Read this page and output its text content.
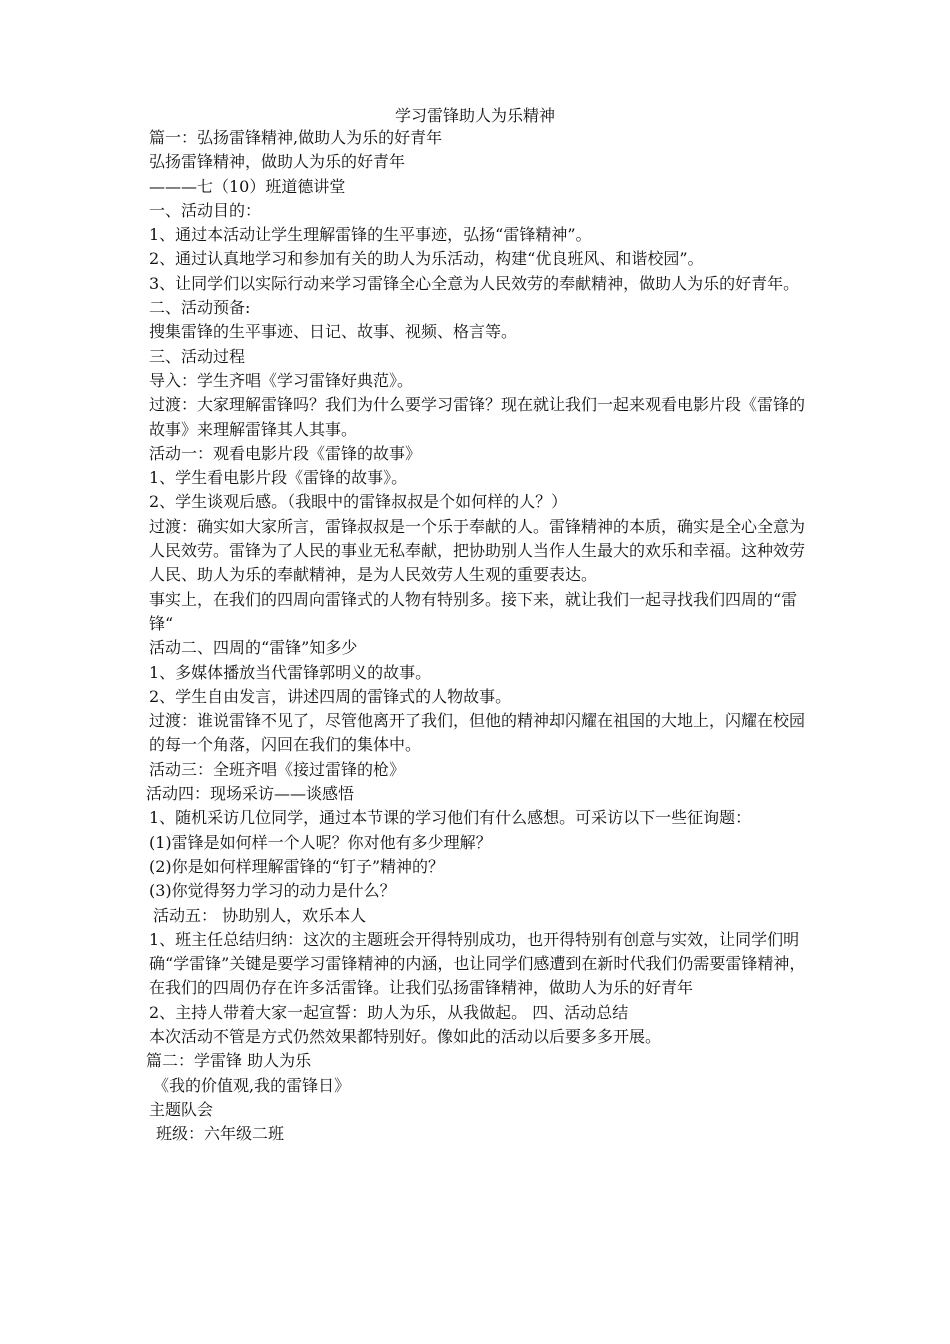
学习雷锋助人为乐精神

篇一：弘扬雷锋精神,做助人为乐的好青年

弘扬雷锋精神，做助人为乐的好青年

———七（10）班道德讲堂

一、活动目的：

1、通过本活动让学生理解雷锋的生平事迹，弘扬“雷锋精神”。

2、通过认真地学习和参加有关的助人为乐活动，构建“优良班风、和谐校园”。

3、让同学们以实际行动来学习雷锋全心全意为人民效劳的奉献精神，做助人为乐的好青年。

二、活动预备:

搜集雷锋的生平事迹、日记、故事、视频、格言等。

三、活动过程

导入：学生齐唱《学习雷锋好典范》。

过渡：大家理解雷锋吗？我们为什么要学习雷锋？现在就让我们一起来观看电影片段《雷锋的故事》来理解雷锋其人其事。

活动一：观看电影片段《雷锋的故事》

1、学生看电影片段《雷锋的故事》。

2、学生谈观后感。（我眼中的雷锋叔叔是个如何样的人？）

过渡：确实如大家所言，雷锋叔叔是一个乐于奉献的人。雷锋精神的本质，确实是全心全意为人民效劳。雷锋为了人民的事业无私奉献，把协助别人当作人生最大的欢乐和幸福。这种效劳人民、助人为乐的奉献精神，是为人民效劳人生观的重要表达。

事实上，在我们的四周向雷锋式的人物有特别多。接下来，就让我们一起寻找我们四周的“雷锋“

活动二、四周的“雷锋”知多少

1、多媒体播放当代雷锋郭明义的故事。

2、学生自由发言，讲述四周的雷锋式的人物故事。

过渡：谁说雷锋不见了，尽管他离开了我们，但他的精神却闪耀在祖国的大地上，闪耀在校园的每一个角落，闪回在我们的集体中。

活动三：全班齐唱《接过雷锋的枪》

活动四：现场采访——谈感悟

1、随机采访几位同学，通过本节课的学习他们有什么感想。可采访以下一些征询题：

(1)雷锋是如何样一个人呢？你对他有多少理解？

(2)你是如何样理解雷锋的“钉子”精神的？

(3)你觉得努力学习的动力是什么？

活动五： 协助别人，欢乐本人

1、班主任总结归纳：这次的主题班会开得特别成功，也开得特别有创意与实效，让同学们明确“学雷锋”关键是要学习雷锋精神的内涵，也让同学们感遭到在新时代我们仍需要雷锋精神，在我们的四周仍存在许多活雷锋。让我们弘扬雷锋精神，做助人为乐的好青年

2、主持人带着大家一起宣誓：助人为乐，从我做起。 四、活动总结

本次活动不管是方式仍然效果都特别好。像如此的活动以后要多多开展。

篇二：学雷锋 助人为乐

《我的价值观,我的雷锋日》

主题队会

班级：六年级二班
